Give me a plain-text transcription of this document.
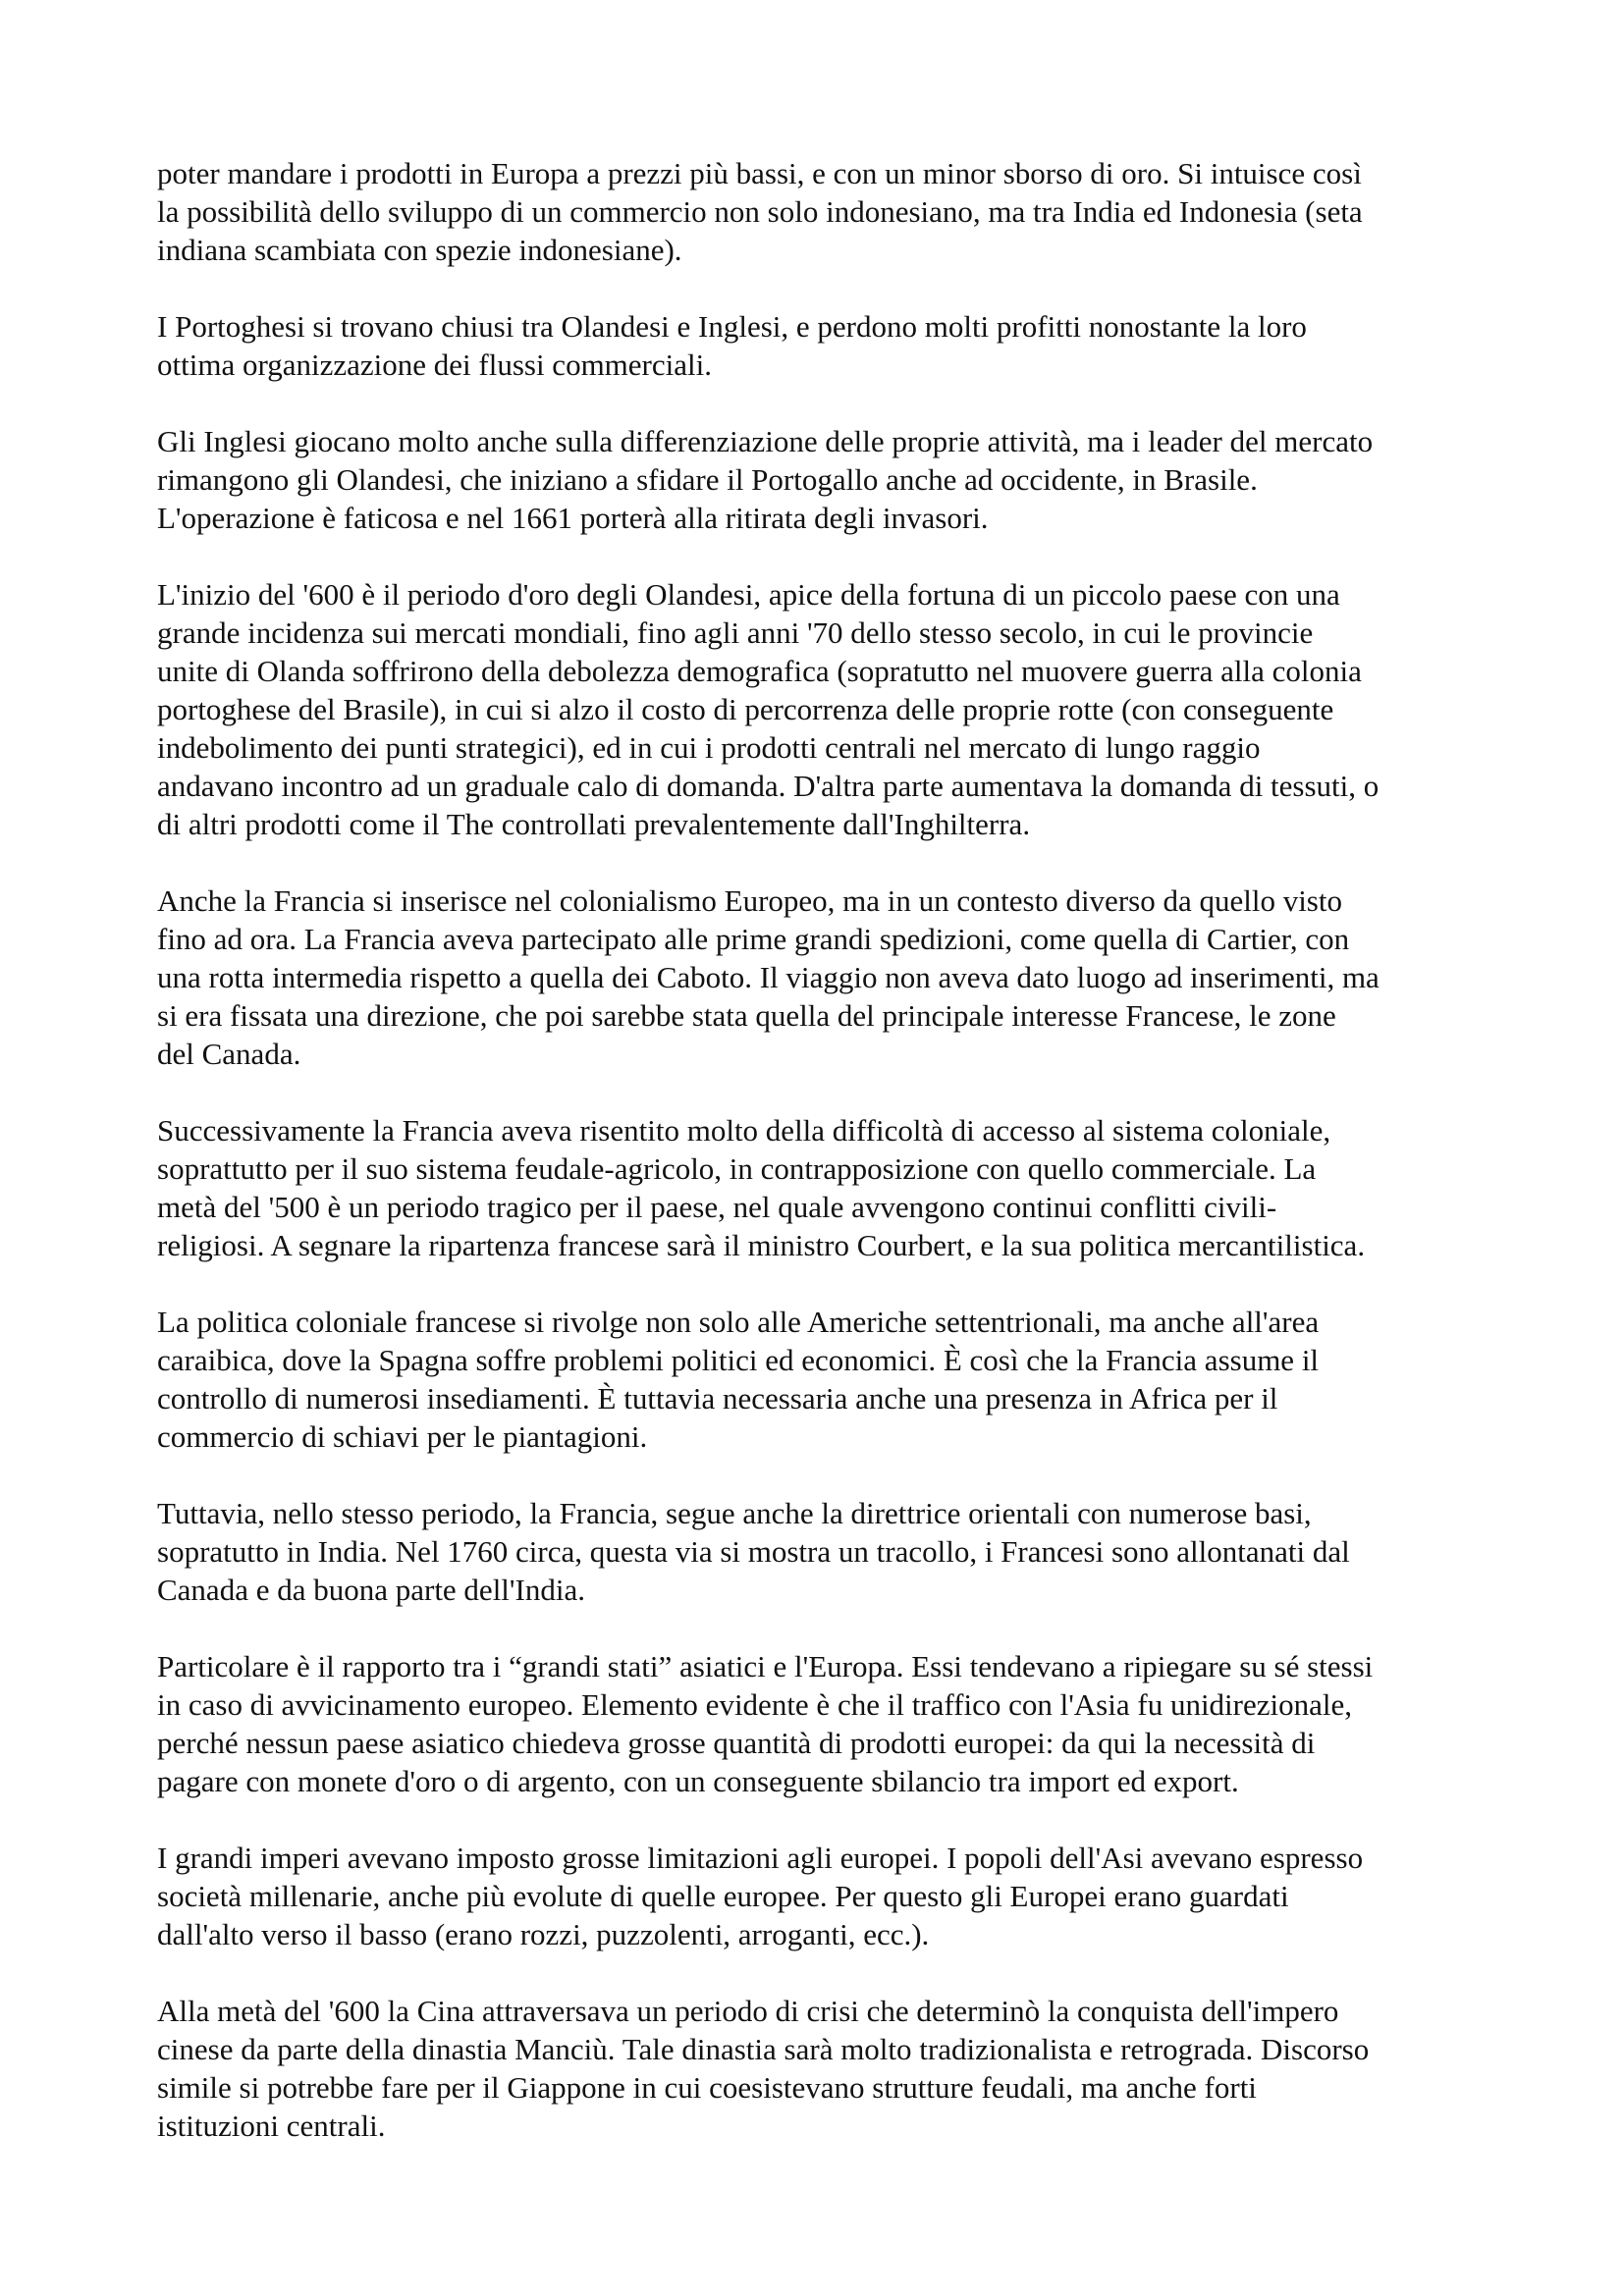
poter mandare i prodotti in Europa a prezzi più bassi, e con un minor sborso di oro. Si intuisce così
la possibilità dello sviluppo di un commercio non solo indonesiano, ma tra India ed Indonesia (seta
indiana scambiata con spezie indonesiane).

I Portoghesi si trovano chiusi tra Olandesi e Inglesi, e perdono molti profitti nonostante la loro
ottima organizzazione dei flussi commerciali.

Gli Inglesi giocano molto anche sulla differenziazione delle proprie attività, ma i leader del mercato
rimangono gli Olandesi, che iniziano a sfidare il Portogallo anche ad occidente, in Brasile.
L'operazione è faticosa e nel 1661 porterà alla ritirata degli invasori.

L'inizio del '600 è il periodo d'oro degli Olandesi, apice della fortuna di un piccolo paese con una
grande incidenza sui mercati mondiali, fino agli anni '70 dello stesso secolo, in cui le provincie
unite di Olanda soffrirono della debolezza demografica (sopratutto nel muovere guerra alla colonia
portoghese del Brasile), in cui si alzo il costo di percorrenza delle proprie rotte (con conseguente
indebolimento dei punti strategici), ed in cui i prodotti centrali nel mercato di lungo raggio
andavano incontro ad un graduale calo di domanda. D'altra parte aumentava la domanda di tessuti, o
di altri prodotti come il The controllati prevalentemente dall'Inghilterra.

Anche la Francia si inserisce nel colonialismo Europeo, ma in un contesto diverso da quello visto
fino ad ora. La Francia aveva partecipato alle prime grandi spedizioni, come quella di Cartier, con
una rotta intermedia rispetto a quella dei Caboto. Il viaggio non aveva dato luogo ad inserimenti, ma
si era fissata una direzione, che poi sarebbe stata quella del principale interesse Francese, le zone
del Canada.

Successivamente la Francia aveva risentito molto della difficoltà di accesso al sistema coloniale,
soprattutto per il suo sistema feudale-agricolo, in contrapposizione con quello commerciale. La
metà del '500 è un periodo tragico per il paese, nel quale avvengono continui conflitti civili-
religiosi. A segnare la ripartenza francese sarà il ministro Courbert, e la sua politica mercantilistica.

La politica coloniale francese si rivolge non solo alle Americhe settentrionali, ma anche all'area
caraibica, dove la Spagna soffre problemi politici ed economici. È così che la Francia assume il
controllo di numerosi insediamenti. È tuttavia necessaria anche una presenza in Africa per il
commercio di schiavi per le piantagioni.

Tuttavia, nello stesso periodo, la Francia, segue anche la direttrice orientali con numerose basi,
sopratutto in India. Nel 1760 circa, questa via si mostra un tracollo, i Francesi sono allontanati dal
Canada e da buona parte dell'India.

Particolare è il rapporto tra i “grandi stati” asiatici e l'Europa. Essi tendevano a ripiegare su sé stessi
in caso di avvicinamento europeo. Elemento evidente è che il traffico con l'Asia fu unidirezionale,
perché nessun paese asiatico chiedeva grosse quantità di prodotti europei: da qui la necessità di
pagare con monete d'oro o di argento, con un conseguente sbilancio tra import ed export.

I grandi imperi avevano imposto grosse limitazioni agli europei. I popoli dell'Asi avevano espresso
società millenarie, anche più evolute di quelle europee. Per questo gli Europei erano guardati
dall'alto verso il basso (erano rozzi, puzzolenti, arroganti, ecc.).

Alla metà del '600 la Cina attraversava un periodo di crisi che determinò la conquista dell'impero
cinese da parte della dinastia Manciù. Tale dinastia sarà molto tradizionalista e retrograda. Discorso
simile si potrebbe fare per il Giappone in cui coesistevano strutture feudali, ma anche forti
istituzioni centrali.
